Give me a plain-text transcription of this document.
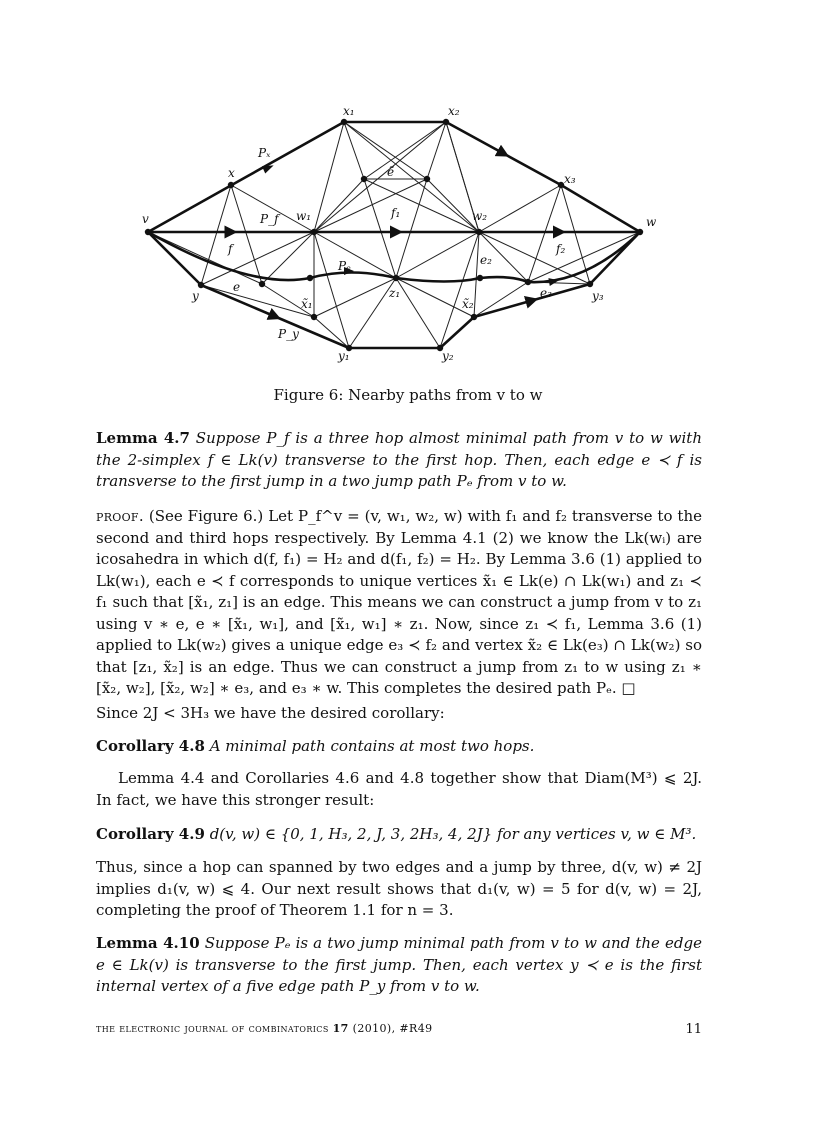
v	w
x
y
x₁	x₂
x₃
y₁	y₂
y₃
w₁	w₂
z₁
e
e₂
e₃
ẽ
f
f₁
f₂
x̃₁	x̃₂
Pₓ
P_f
Pₑ
P_y
Figure 6: Nearby paths from v to w
Lemma 4.7 Suppose P_f is a three hop almost minimal path from v to w with the 2-simplex f ∈ Lk(v) transverse to the first hop. Then, each edge e ≺ f is transverse to the first jump in a two jump path Pₑ from v to w.
proof. (See Figure 6.) Let P_f^v = (v, w₁, w₂, w) with f₁ and f₂ transverse to the second and third hops respectively. By Lemma 4.1 (2) we know the Lk(wᵢ) are icosahedra in which d(f, f₁) = H₂ and d(f₁, f₂) = H₂. By Lemma 3.6 (1) applied to Lk(w₁), each e ≺ f corresponds to unique vertices x̃₁ ∈ Lk(e) ∩ Lk(w₁) and z₁ ≺ f₁ such that [x̃₁, z₁] is an edge. This means we can construct a jump from v to z₁ using v ∗ e, e ∗ [x̃₁, w₁], and [x̃₁, w₁] ∗ z₁. Now, since z₁ ≺ f₁, Lemma 3.6 (1) applied to Lk(w₂) gives a unique edge e₃ ≺ f₂ and vertex x̃₂ ∈ Lk(e₃) ∩ Lk(w₂) so that [z₁, x̃₂] is an edge. Thus we can construct a jump from z₁ to w using z₁ ∗ [x̃₂, w₂], [x̃₂, w₂] ∗ e₃, and e₃ ∗ w. This completes the desired path Pₑ. □
Since 2J < 3H₃ we have the desired corollary:
Corollary 4.8 A minimal path contains at most two hops.
Lemma 4.4 and Corollaries 4.6 and 4.8 together show that Diam(M³) ⩽ 2J. In fact, we have this stronger result:
Corollary 4.9 d(v, w) ∈ {0, 1, H₃, 2, J, 3, 2H₃, 4, 2J} for any vertices v, w ∈ M³.
Thus, since a hop can spanned by two edges and a jump by three, d(v, w) ≠ 2J implies d₁(v, w) ⩽ 4. Our next result shows that d₁(v, w) = 5 for d(v, w) = 2J, completing the proof of Theorem 1.1 for n = 3.
Lemma 4.10 Suppose Pₑ is a two jump minimal path from v to w and the edge e ∈ Lk(v) is transverse to the first jump. Then, each vertex y ≺ e is the first internal vertex of a five edge path P_y from v to w.
the electronic journal of combinatorics 17 (2010), #R49	11
